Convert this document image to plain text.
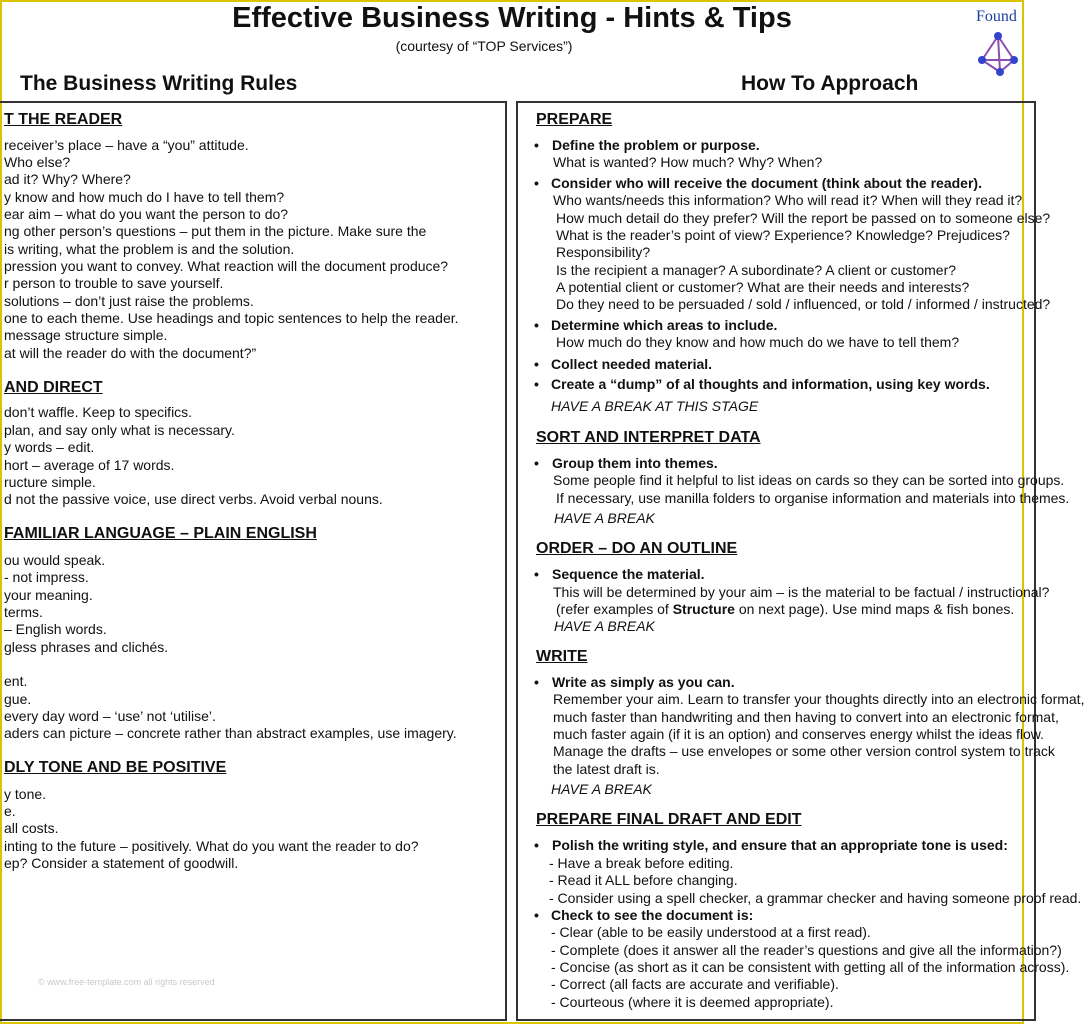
Effective Business Writing - Hints & Tips
(courtesy of “TOP Services”)
Found
The Business Writing Rules	How To Approach
T THE READER
receiver’s place – have a “you” attitude.
Who else?
ad it? Why? Where?
y know and how much do I have to tell them?
ear aim – what do you want the person to do?
ng other person’s questions – put them in the picture. Make sure the
is writing, what the problem is and the solution.
pression you want to convey. What reaction will the document produce?
r person to trouble to save yourself.
solutions – don’t just raise the problems.
one to each theme. Use headings and topic sentences to help the reader.
message structure simple.
at will the reader do with the document?”
AND DIRECT
don’t waffle. Keep to specifics.
plan, and say only what is necessary.
y words – edit.
hort – average of 17 words.
ructure simple.
d not the passive voice, use direct verbs. Avoid verbal nouns.
FAMILIAR LANGUAGE – PLAIN ENGLISH
ou would speak.
- not impress.
your meaning.
terms.
– English words.
gless phrases and clichés.
ent.
gue.
every day word – ‘use’ not ‘utilise’.
aders can picture – concrete rather than abstract examples, use imagery.
DLY TONE AND BE POSITIVE
y tone.
e.
all costs.
inting to the future – positively. What do you want the reader to do?
ep? Consider a statement of goodwill.
© www.free-template.com all rights reserved
PREPARE
• Define the problem or purpose.
What is wanted? How much? Why? When?
• Consider who will receive the document (think about the reader).
Who wants/needs this information? Who will read it? When will they read it?
How much detail do they prefer? Will the report be passed on to someone else?
What is the reader’s point of view? Experience? Knowledge? Prejudices?
Responsibility?
Is the recipient a manager? A subordinate? A client or customer?
A potential client or customer? What are their needs and interests?
Do they need to be persuaded / sold / influenced, or told / informed / instructed?
• Determine which areas to include.
How much do they know and how much do we have to tell them?
• Collect needed material.
• Create a “dump” of al thoughts and information, using key words.
HAVE A BREAK AT THIS STAGE
SORT AND INTERPRET DATA
• Group them into themes.
Some people find it helpful to list ideas on cards so they can be sorted into groups.
If necessary, use manilla folders to organise information and materials into themes.
HAVE A BREAK
ORDER – DO AN OUTLINE
• Sequence the material.
This will be determined by your aim – is the material to be factual / instructional?
(refer examples of Structure on next page). Use mind maps & fish bones.
HAVE A BREAK
WRITE
• Write as simply as you can.
Remember your aim. Learn to transfer your thoughts directly into an electronic format,
much faster than handwriting and then having to convert into an electronic format,
much faster again (if it is an option) and conserves energy whilst the ideas flow.
Manage the drafts – use envelopes or some other version control system to track
the latest draft is.
HAVE A BREAK
PREPARE FINAL DRAFT AND EDIT
• Polish the writing style, and ensure that an appropriate tone is used:
- Have a break before editing.
- Read it ALL before changing.
- Consider using a spell checker, a grammar checker and having someone proof read.
• Check to see the document is:
- Clear (able to be easily understood at a first read).
- Complete (does it answer all the reader’s questions and give all the information?)
- Concise (as short as it can be consistent with getting all of the information across).
- Correct (all facts are accurate and verifiable).
- Courteous (where it is deemed appropriate).
